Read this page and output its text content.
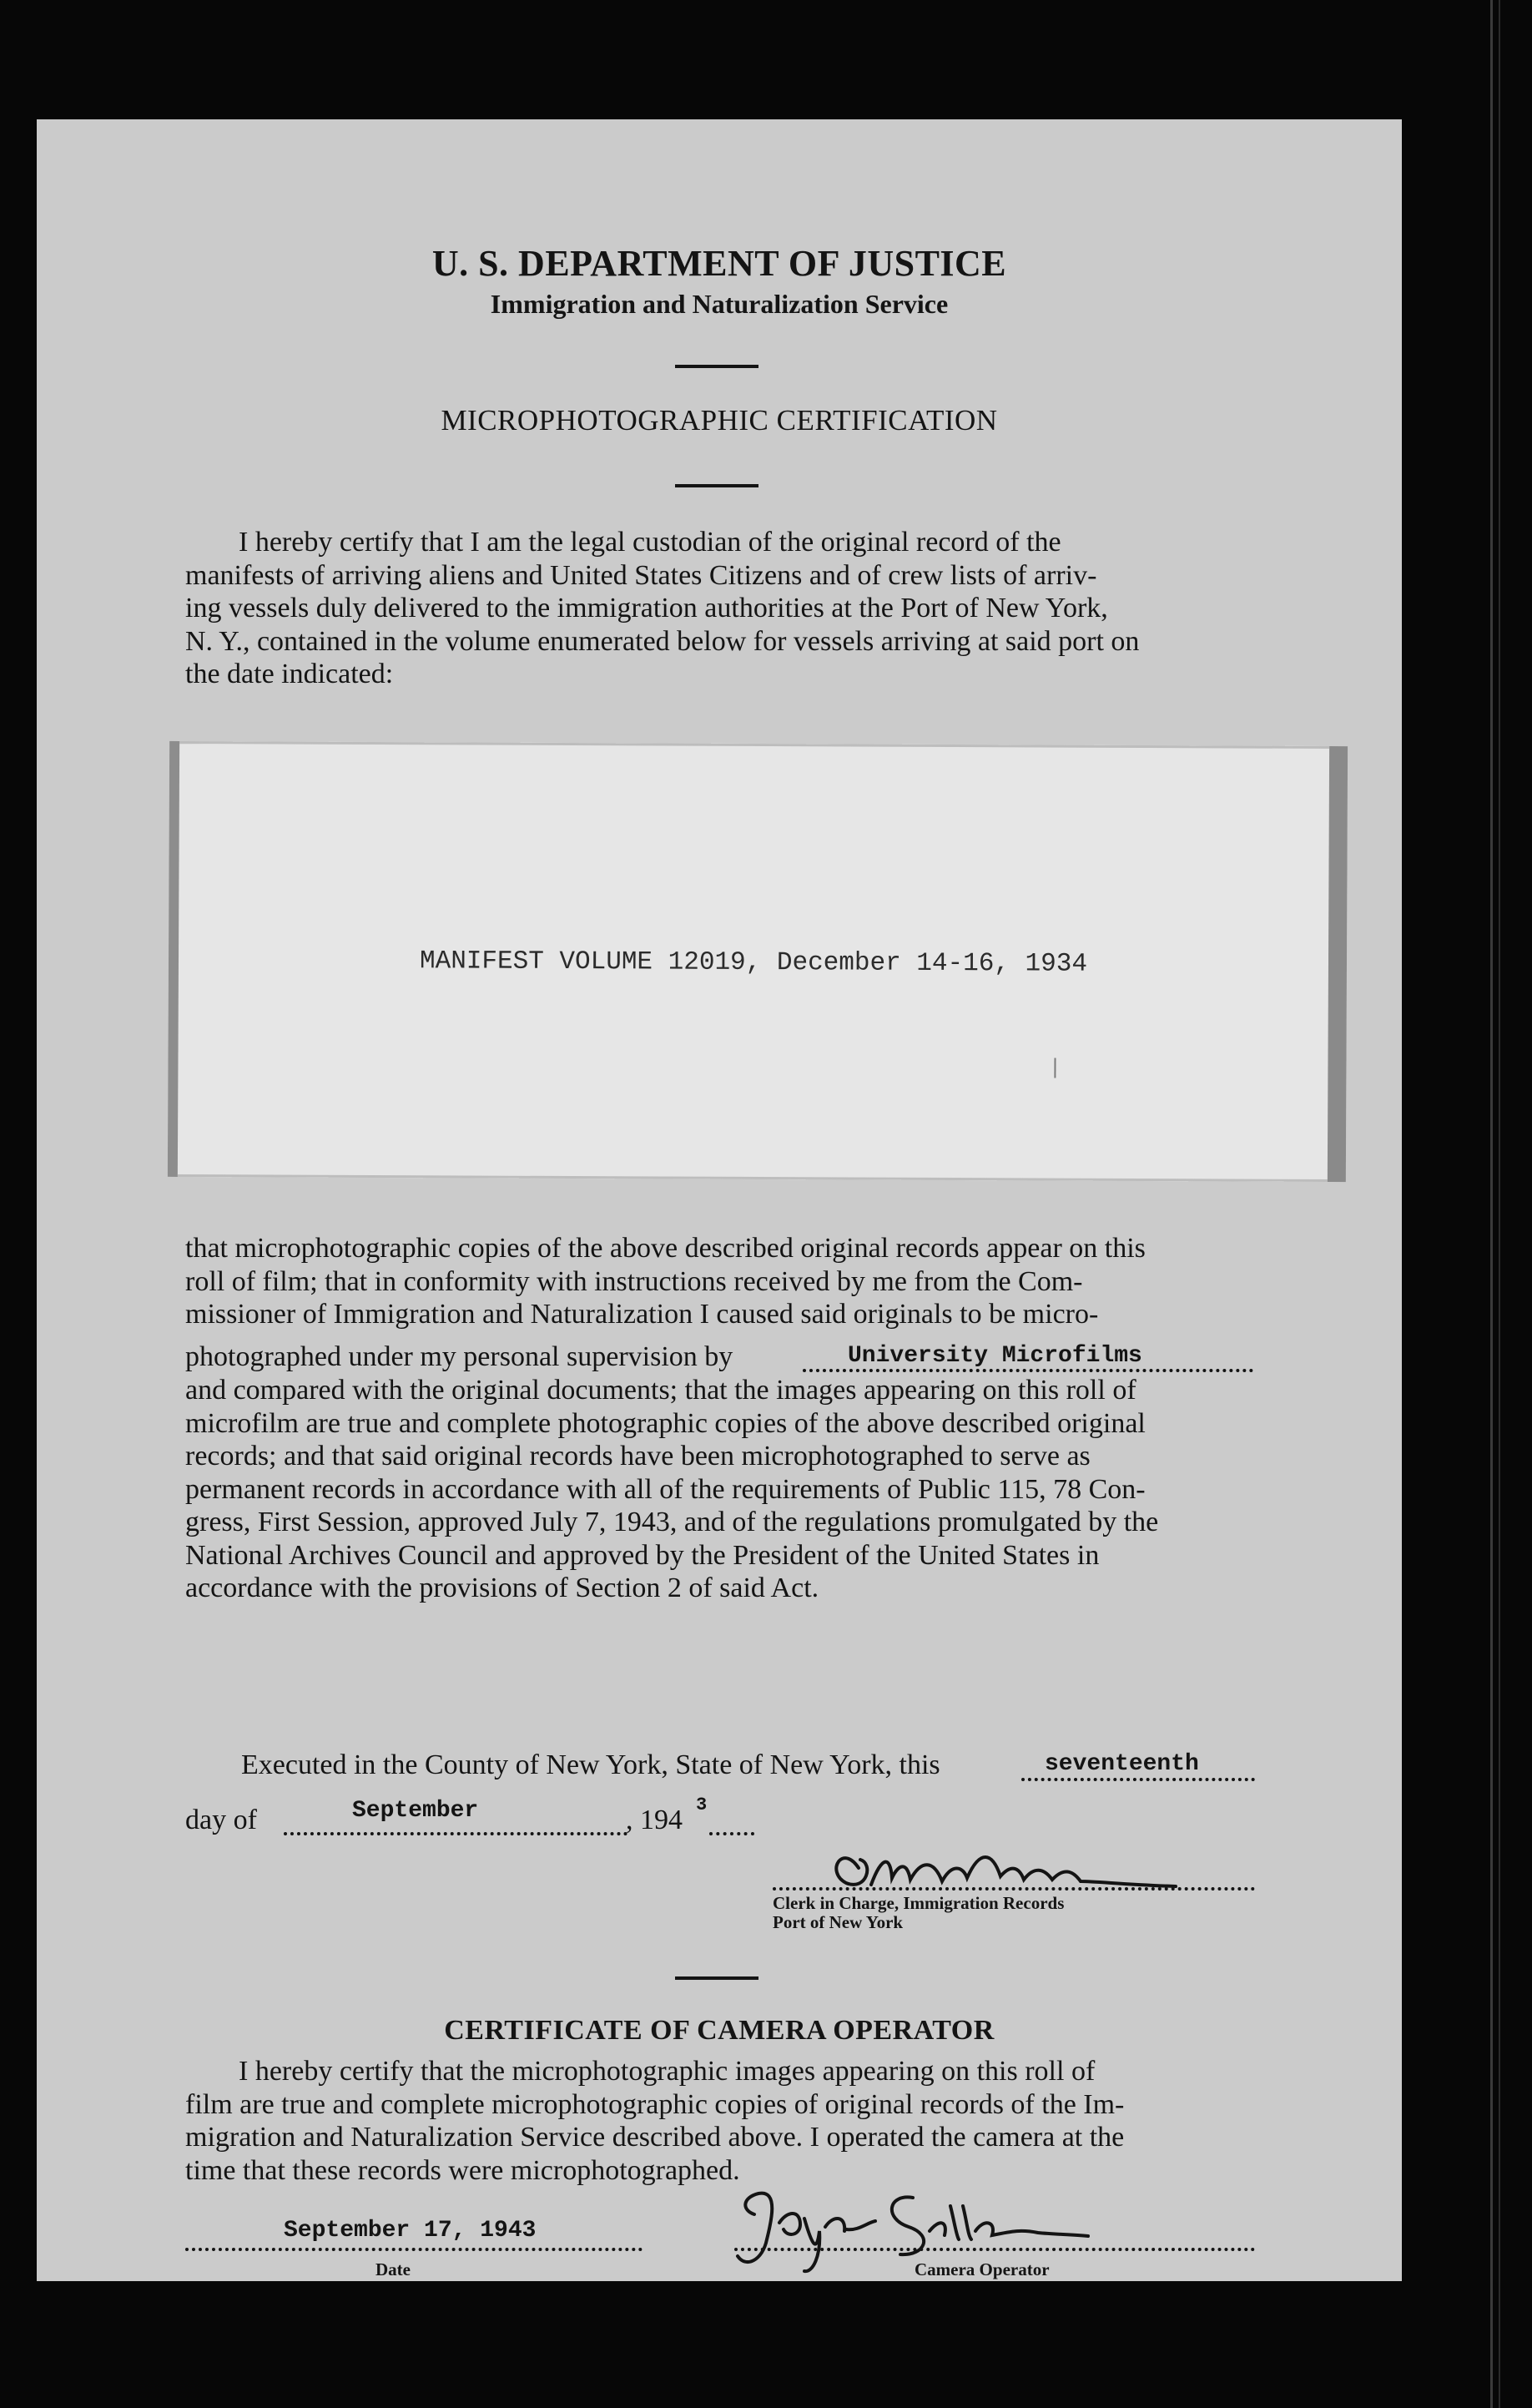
U. S. DEPARTMENT OF JUSTICE
Immigration and Naturalization Service
MICROPHOTOGRAPHIC CERTIFICATION

I hereby certify that I am the legal custodian of the original record of the

manifests of arriving aliens and United States Citizens and of crew lists of arriv-

ing vessels duly delivered to the immigration authorities at the Port of New York,

N. Y., contained in the volume enumerated below for vessels arriving at said port on

the date indicated:

MANIFEST VOLUME 12019, December 14-16, 1934

that microphotographic copies of the above described original records appear on this

roll of film; that in conformity with instructions received by me from the Com-

missioner of Immigration and Naturalization I caused said originals to be micro-

photographed under my personal supervision by	University Microfilms

and compared with the original documents; that the images appearing on this roll of

microfilm are true and complete photographic copies of the above described original

records; and that said original records have been microphotographed to serve as

permanent records in accordance with all of the requirements of Public 115, 78 Con-

gress, First Session, approved July 7, 1943, and of the regulations promulgated by the

National Archives Council and approved by the President of the United States in

accordance with the provisions of Section 2 of said Act.

Executed in the County of New York, State of New York, this	seventeenth
day of	September	, 194 3
Clerk in Charge, Immigration Records
Port of New York
CERTIFICATE OF CAMERA OPERATOR

I hereby certify that the microphotographic images appearing on this roll of

film are true and complete microphotographic copies of original records of the Im-

migration and Naturalization Service described above. I operated the camera at the

time that these records were microphotographed.

September 17, 1943
Date	Camera Operator
